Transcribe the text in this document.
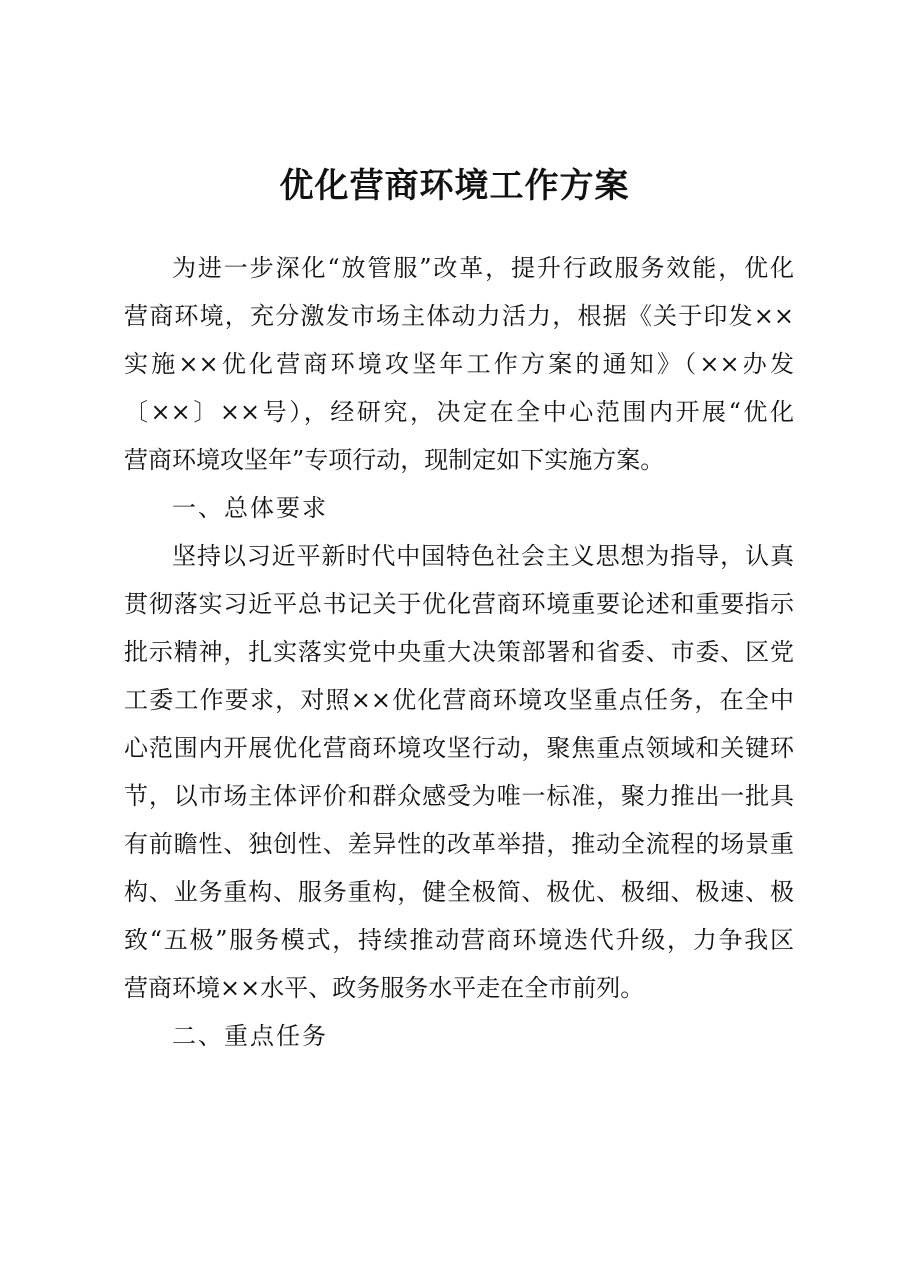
优化营商环境工作方案
为进一步深化“放管服”改革，提升行政服务效能，优化
营商环境，充分激发市场主体动力活力，根据《关于印发××
实施××优化营商环境攻坚年工作方案的通知》（××办发
〔××〕××号），经研究，决定在全中心范围内开展“优化
营商环境攻坚年”专项行动，现制定如下实施方案。
一、总体要求
坚持以习近平新时代中国特色社会主义思想为指导，认真
贯彻落实习近平总书记关于优化营商环境重要论述和重要指示
批示精神，扎实落实党中央重大决策部署和省委、市委、区党
工委工作要求，对照××优化营商环境攻坚重点任务，在全中
心范围内开展优化营商环境攻坚行动，聚焦重点领域和关键环
节，以市场主体评价和群众感受为唯一标准，聚力推出一批具
有前瞻性、独创性、差异性的改革举措，推动全流程的场景重
构、业务重构、服务重构，健全极简、极优、极细、极速、极
致“五极”服务模式，持续推动营商环境迭代升级，力争我区
营商环境××水平、政务服务水平走在全市前列。
二、重点任务
